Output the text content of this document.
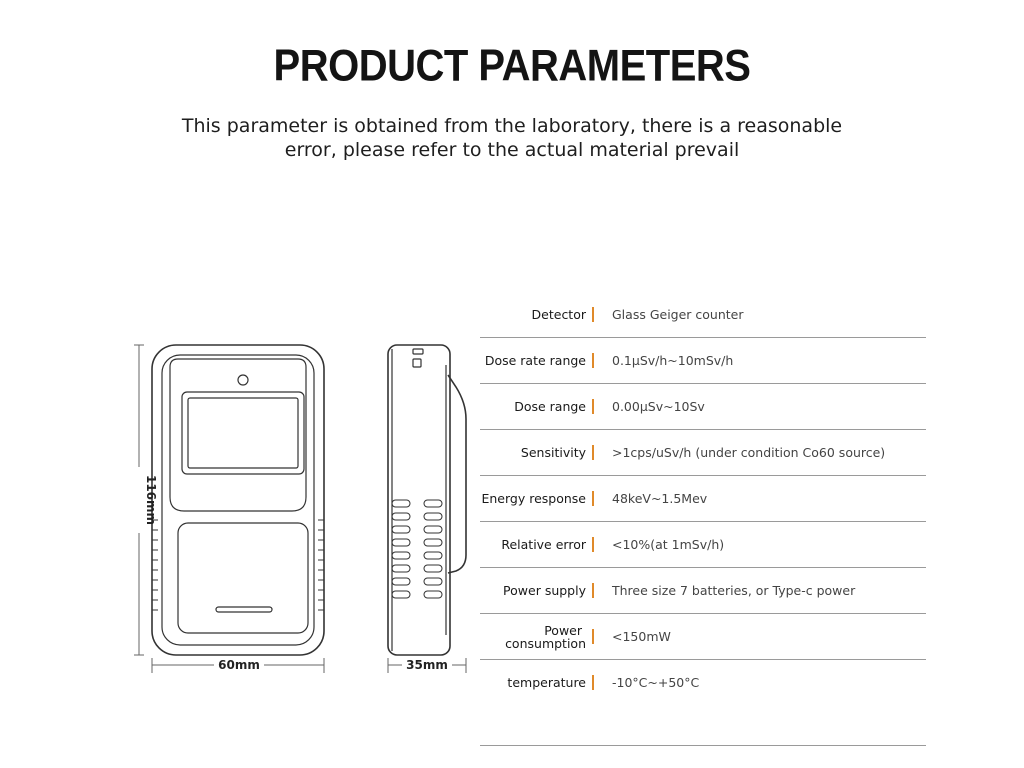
PRODUCT PARAMETERS
This parameter is obtained from the laboratory, there is a reasonable
error, please refer to the actual material prevail
116mm
60mm	35mm
Detector Glass Geiger counter
Dose rate range 0.1μSv/h~10mSv/h
Dose range 0.00μSv~10Sv
Sensitivity >1cps/uSv/h (under condition Co60 source)
Energy response 48keV~1.5Mev
Relative error <10%(at 1mSv/h)
Power supply Three size 7 batteries, or Type-c power
Power
consumption <150mW
temperature -10°C~+50°C
